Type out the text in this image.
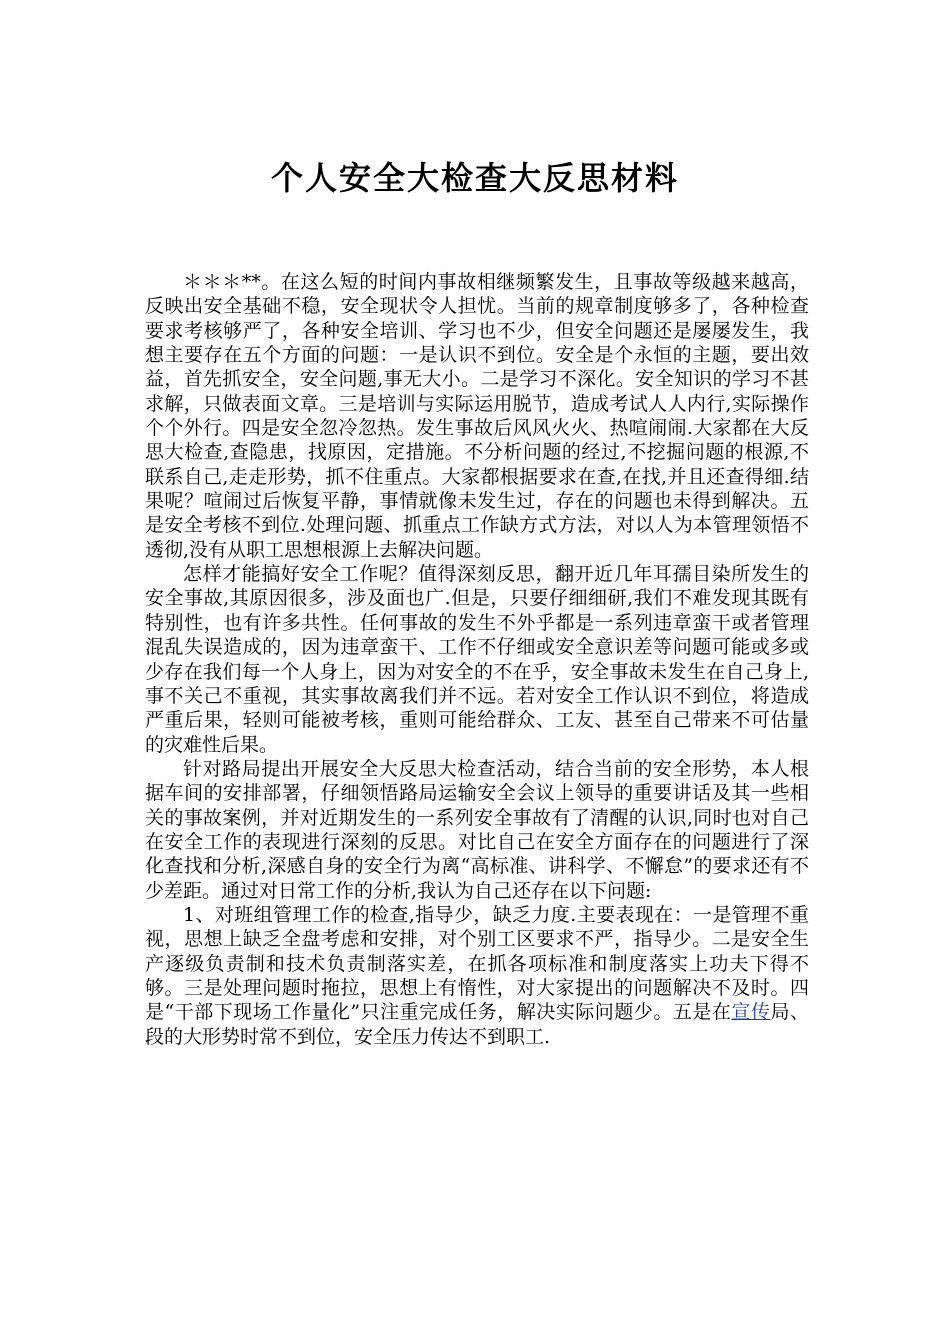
个人安全大检查大反思材料

＊＊＊**。在这么短的时间内事故相继频繁发生，且事故等级越来越高，反映出安全基础不稳，安全现状令人担忧。当前的规章制度够多了，各种检查要求考核够严了，各种安全培训、学习也不少，但安全问题还是屡屡发生，我想主要存在五个方面的问题：一是认识不到位。安全是个永恒的主题，要出效益，首先抓安全，安全问题,事无大小。二是学习不深化。安全知识的学习不甚求解，只做表面文章。三是培训与实际运用脱节，造成考试人人内行,实际操作个个外行。四是安全忽冷忽热。发生事故后风风火火、热喧闹闹.大家都在大反思大检查,查隐患，找原因，定措施。不分析问题的经过,不挖掘问题的根源,不联系自己,走走形势，抓不住重点。大家都根据要求在查,在找,并且还查得细.结果呢？喧闹过后恢复平静，事情就像未发生过，存在的问题也未得到解决。五是安全考核不到位.处理问题、抓重点工作缺方式方法，对以人为本管理领悟不透彻,没有从职工思想根源上去解决问题。

怎样才能搞好安全工作呢？值得深刻反思，翻开近几年耳孺目染所发生的安全事故,其原因很多，涉及面也广.但是，只要仔细细研,我们不难发现其既有特别性，也有许多共性。任何事故的发生不外乎都是一系列违章蛮干或者管理混乱失误造成的，因为违章蛮干、工作不仔细或安全意识差等问题可能或多或少存在我们每一个人身上，因为对安全的不在乎，安全事故未发生在自己身上,事不关己不重视，其实事故离我们并不远。若对安全工作认识不到位，将造成严重后果，轻则可能被考核，重则可能给群众、工友、甚至自己带来不可估量的灾难性后果。

针对路局提出开展安全大反思大检查活动，结合当前的安全形势，本人根据车间的安排部署，仔细领悟路局运输安全会议上领导的重要讲话及其一些相关的事故案例，并对近期发生的一系列安全事故有了清醒的认识,同时也对自己在安全工作的表现进行深刻的反思。对比自己在安全方面存在的问题进行了深化查找和分析,深感自身的安全行为离“高标准、讲科学、不懈怠”的要求还有不少差距。通过对日常工作的分析,我认为自己还存在以下问题:

1、对班组管理工作的检查,指导少，缺乏力度.主要表现在：一是管理不重视，思想上缺乏全盘考虑和安排，对个别工区要求不严，指导少。二是安全生产逐级负责制和技术负责制落实差，在抓各项标准和制度落实上功夫下得不够。三是处理问题时拖拉，思想上有惰性，对大家提出的问题解决不及时。四是“干部下现场工作量化”只注重完成任务，解决实际问题少。五是在宣传局、段的大形势时常不到位，安全压力传达不到职工.
